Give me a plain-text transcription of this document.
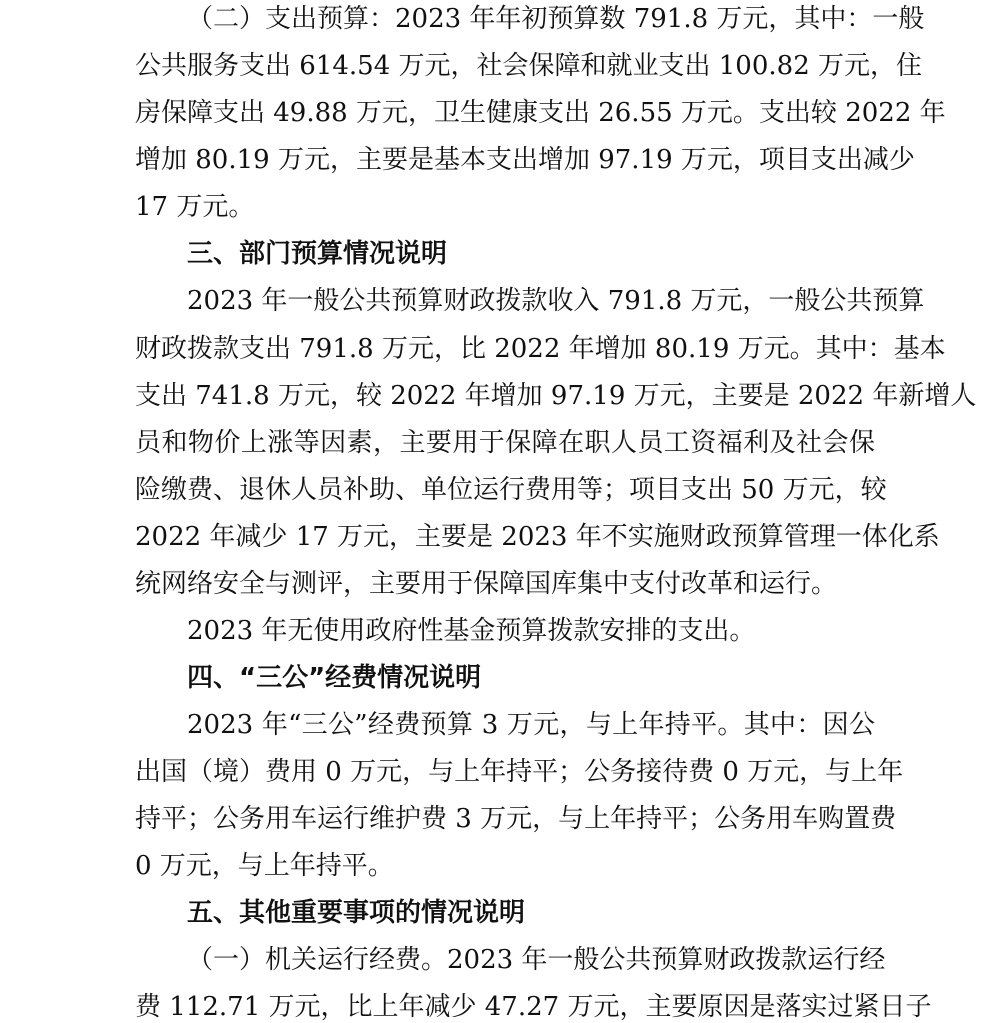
（二）支出预算：2023 年年初预算数 791.8 万元，其中：一般
公共服务支出 614.54 万元，社会保障和就业支出 100.82 万元，住
房保障支出 49.88 万元，卫生健康支出 26.55 万元。支出较 2022 年
增加 80.19 万元，主要是基本支出增加 97.19 万元，项目支出减少
17 万元。
三、部门预算情况说明
2023 年一般公共预算财政拨款收入 791.8 万元，一般公共预算
财政拨款支出 791.8 万元，比 2022 年增加 80.19 万元。其中：基本
支出 741.8 万元，较 2022 年增加 97.19 万元，主要是 2022 年新增人
员和物价上涨等因素，主要用于保障在职人员工资福利及社会保
险缴费、退休人员补助、单位运行费用等；项目支出 50 万元，较
2022 年减少 17 万元，主要是 2023 年不实施财政预算管理一体化系
统网络安全与测评，主要用于保障国库集中支付改革和运行。
2023 年无使用政府性基金预算拨款安排的支出。
四、“三公”经费情况说明
2023 年“三公”经费预算 3 万元，与上年持平。其中：因公
出国（境）费用 0 万元，与上年持平；公务接待费 0 万元，与上年
持平；公务用车运行维护费 3 万元，与上年持平；公务用车购置费
0 万元，与上年持平。
五、其他重要事项的情况说明
（一）机关运行经费。2023 年一般公共预算财政拨款运行经
费 112.71 万元，比上年减少 47.27 万元，主要原因是落实过紧日子
